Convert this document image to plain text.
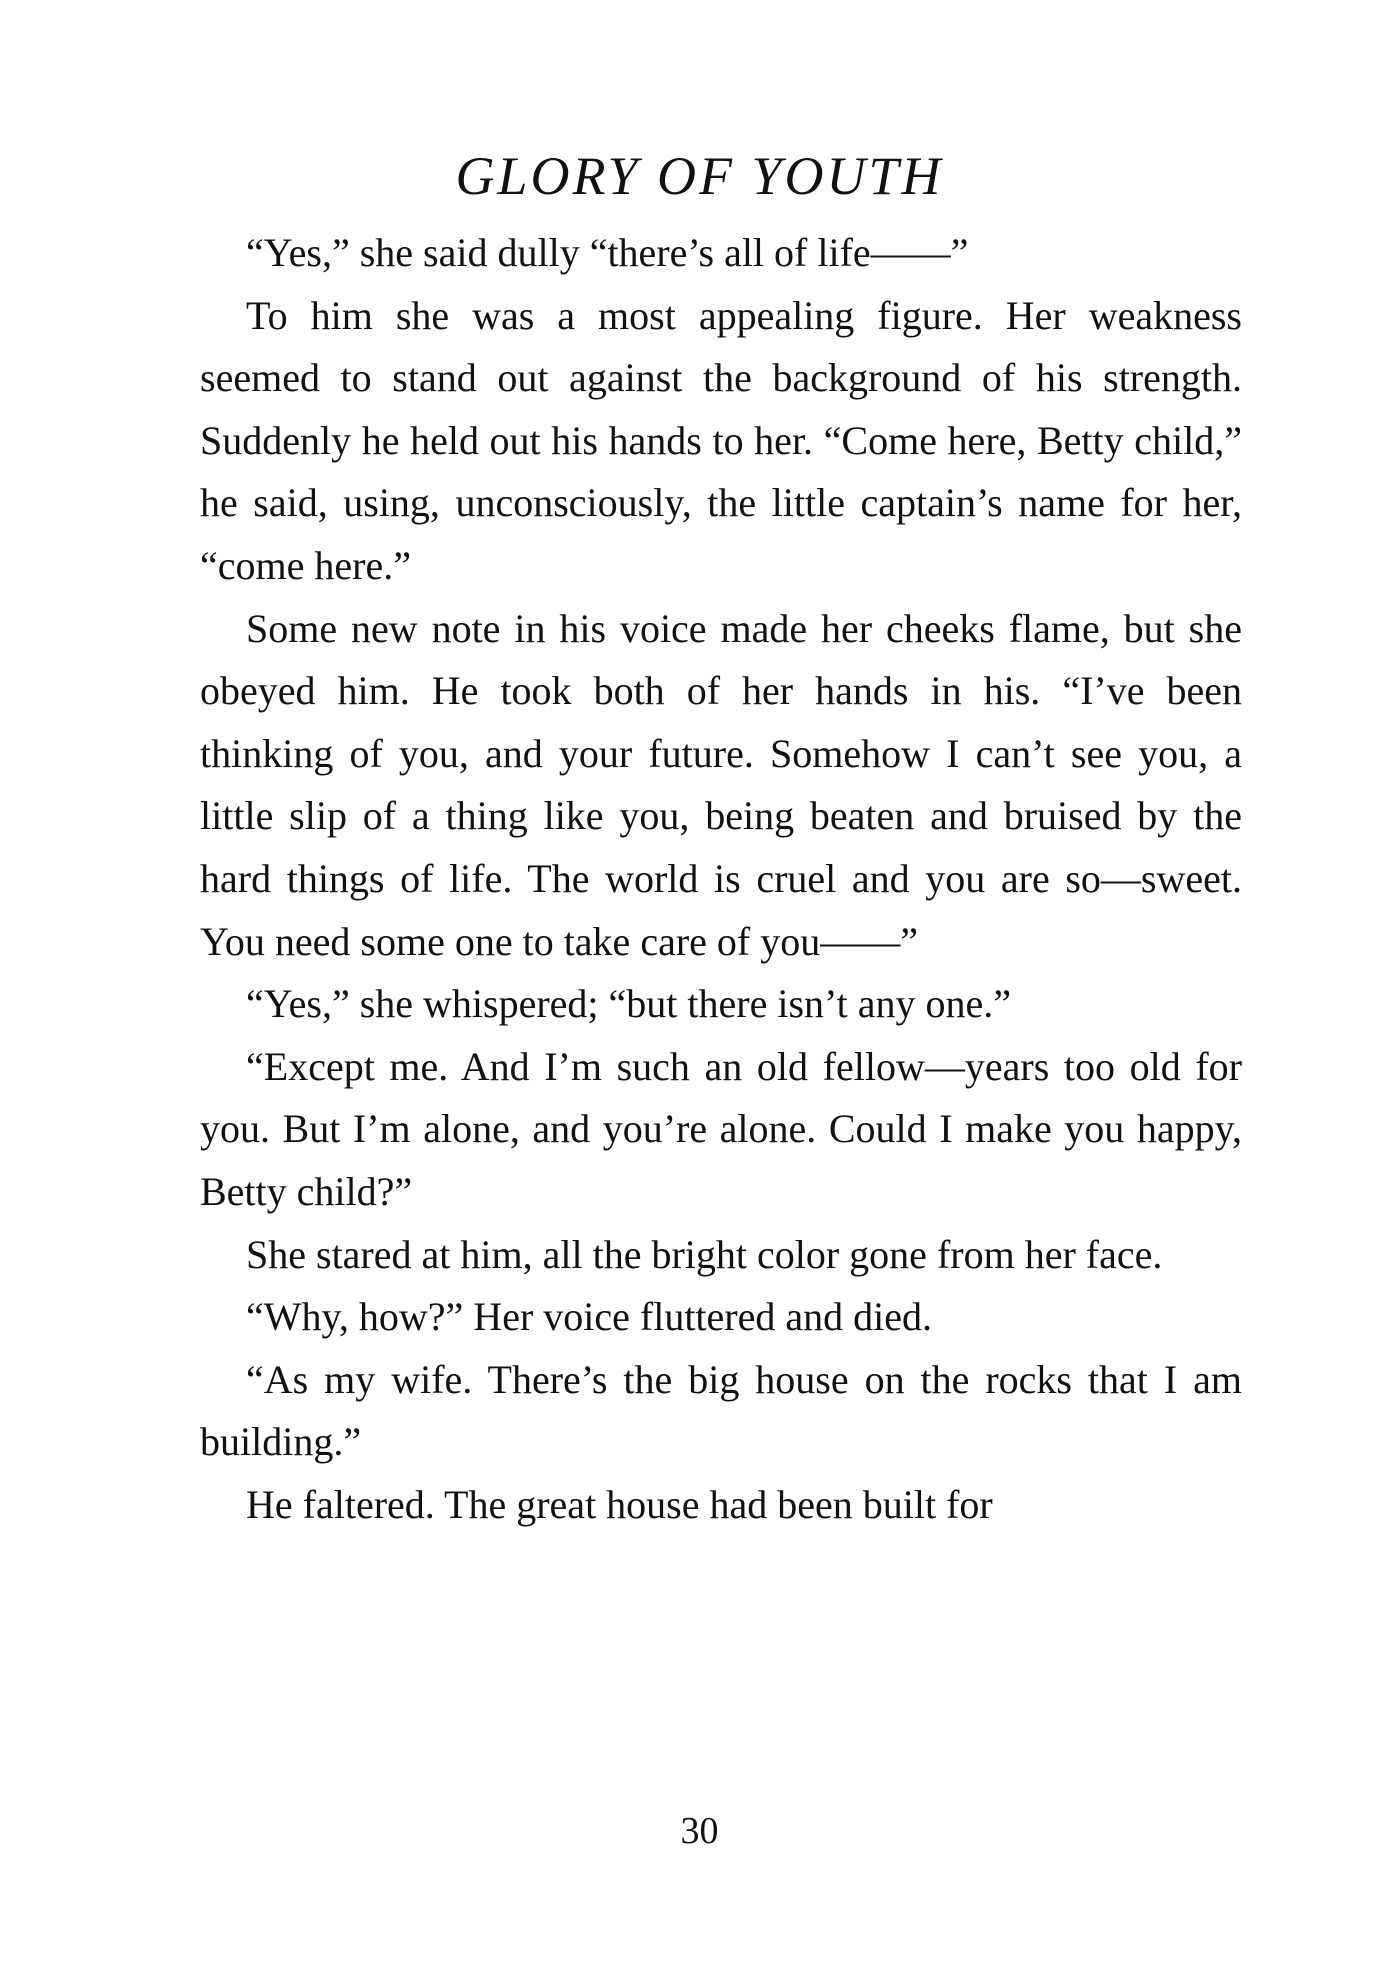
GLORY OF YOUTH

“Yes,” she said dully “there’s all of life——”

To him she was a most appealing figure. Her weakness seemed to stand out against the background of his strength. Suddenly he held out his hands to her. “Come here, Betty child,” he said, using, unconsciously, the little captain’s name for her, “come here.”

Some new note in his voice made her cheeks flame, but she obeyed him. He took both of her hands in his. “I’ve been thinking of you, and your future. Somehow I can’t see you, a little slip of a thing like you, being beaten and bruised by the hard things of life. The world is cruel and you are so—sweet. You need some one to take care of you——”

“Yes,” she whispered; “but there isn’t any one.”

“Except me. And I’m such an old fellow—years too old for you. But I’m alone, and you’re alone. Could I make you happy, Betty child?”

She stared at him, all the bright color gone from her face.

“Why, how?” Her voice fluttered and died.

“As my wife. There’s the big house on the rocks that I am building.”

He faltered. The great house had been built for

30
